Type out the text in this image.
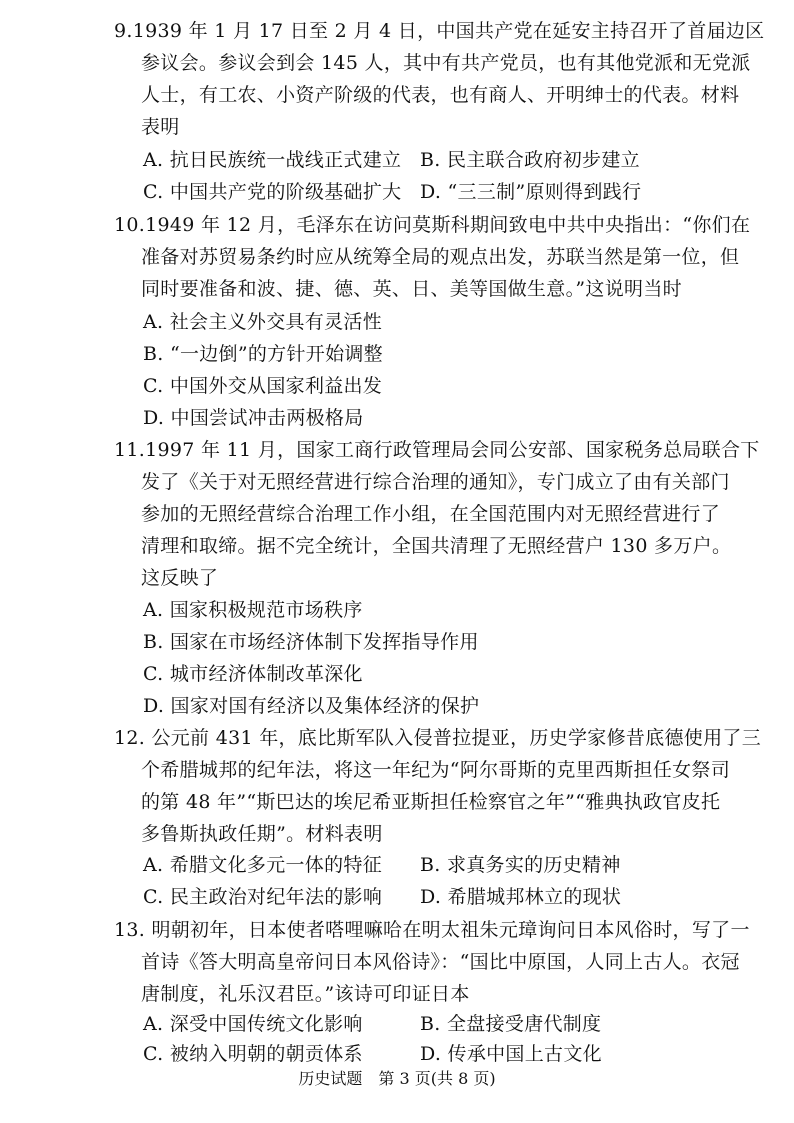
9.1939 年 1 月 17 日至 2 月 4 日，中国共产党在延安主持召开了首届边区
参议会。参议会到会 145 人，其中有共产党员，也有其他党派和无党派
人士，有工农、小资产阶级的代表，也有商人、开明绅士的代表。材料
表明
A. 抗日民族统一战线正式建立 B. 民主联合政府初步建立
C. 中国共产党的阶级基础扩大 D. “三三制”原则得到践行
10.1949 年 12 月，毛泽东在访问莫斯科期间致电中共中央指出：“你们在
准备对苏贸易条约时应从统筹全局的观点出发，苏联当然是第一位，但
同时要准备和波、捷、德、英、日、美等国做生意。”这说明当时
A. 社会主义外交具有灵活性
B. “一边倒”的方针开始调整
C. 中国外交从国家利益出发
D. 中国尝试冲击两极格局
11.1997 年 11 月，国家工商行政管理局会同公安部、国家税务总局联合下
发了《关于对无照经营进行综合治理的通知》，专门成立了由有关部门
参加的无照经营综合治理工作小组，在全国范围内对无照经营进行了
清理和取缔。据不完全统计，全国共清理了无照经营户 130 多万户。
这反映了
A. 国家积极规范市场秩序
B. 国家在市场经济体制下发挥指导作用
C. 城市经济体制改革深化
D. 国家对国有经济以及集体经济的保护
12. 公元前 431 年，底比斯军队入侵普拉提亚，历史学家修昔底德使用了三
个希腊城邦的纪年法，将这一年纪为“阿尔哥斯的克里西斯担任女祭司
的第 48 年”“斯巴达的埃尼希亚斯担任检察官之年”“雅典执政官皮托
多鲁斯执政任期”。材料表明
A. 希腊文化多元一体的特征 B. 求真务实的历史精神
C. 民主政治对纪年法的影响 D. 希腊城邦林立的现状
13. 明朝初年，日本使者嗒哩嘛哈在明太祖朱元璋询问日本风俗时，写了一
首诗《答大明高皇帝问日本风俗诗》：“国比中原国，人同上古人。衣冠
唐制度，礼乐汉君臣。”该诗可印证日本
A. 深受中国传统文化影响	B. 全盘接受唐代制度
C. 被纳入明朝的朝贡体系	D. 传承中国上古文化
历史试题　第 3 页(共 8 页)
